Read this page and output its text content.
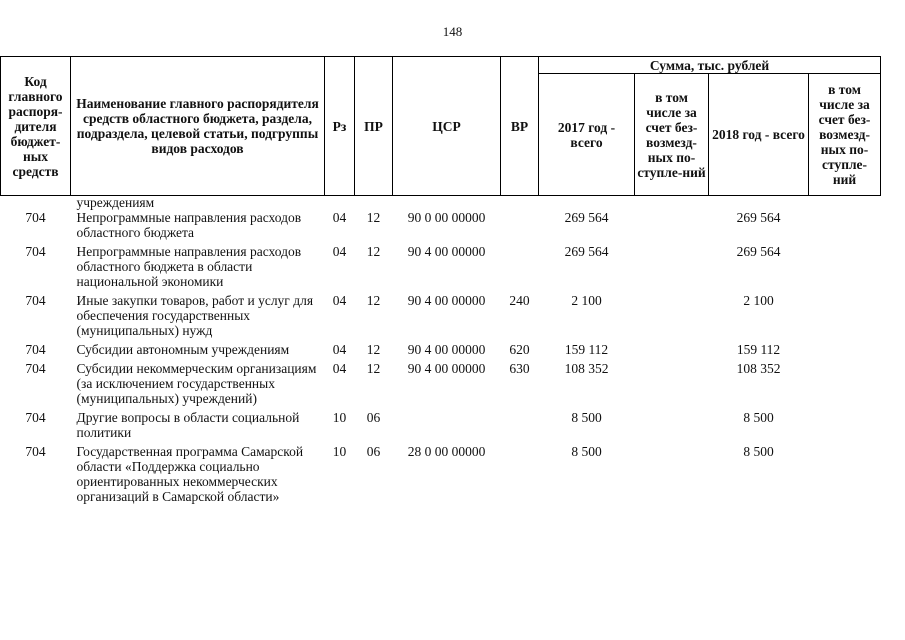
148
Код главного распоря-дителя бюджет-ных средств	Наименование главного распорядителя средств областного бюджета, раздела, подраздела, целевой статьи, подгруппы видов расходов	Рз	ПР	ЦСР	ВР	Сумма, тыс. рублей			
						2017 год - всего	в том числе за счет без-возмезд-ных по-ступле-ний	2018 год - всего	в том числе за счет без-возмезд-ных по-ступле-ний
	учреждениям								
704	Непрограммные направления расходов областного бюджета	04	12	90 0 00 00000		269 564		269 564	
704	Непрограммные направления расходов областного бюджета в области национальной экономики	04	12	90 4 00 00000		269 564		269 564	
704	Иные закупки товаров, работ и услуг для обеспечения государственных (муниципальных) нужд	04	12	90 4 00 00000	240	2 100		2 100	
704	Субсидии автономным учреждениям	04	12	90 4 00 00000	620	159 112		159 112	
704	Субсидии некоммерческим организациям (за исключением государственных (муниципальных) учреждений)	04	12	90 4 00 00000	630	108 352		108 352	
704	Другие вопросы в области социальной политики	10	06			8 500		8 500	
704	Государственная программа Самарской области «Поддержка социально ориентированных некоммерческих организаций в Самарской области»	10	06	28 0 00 00000		8 500		8 500	
